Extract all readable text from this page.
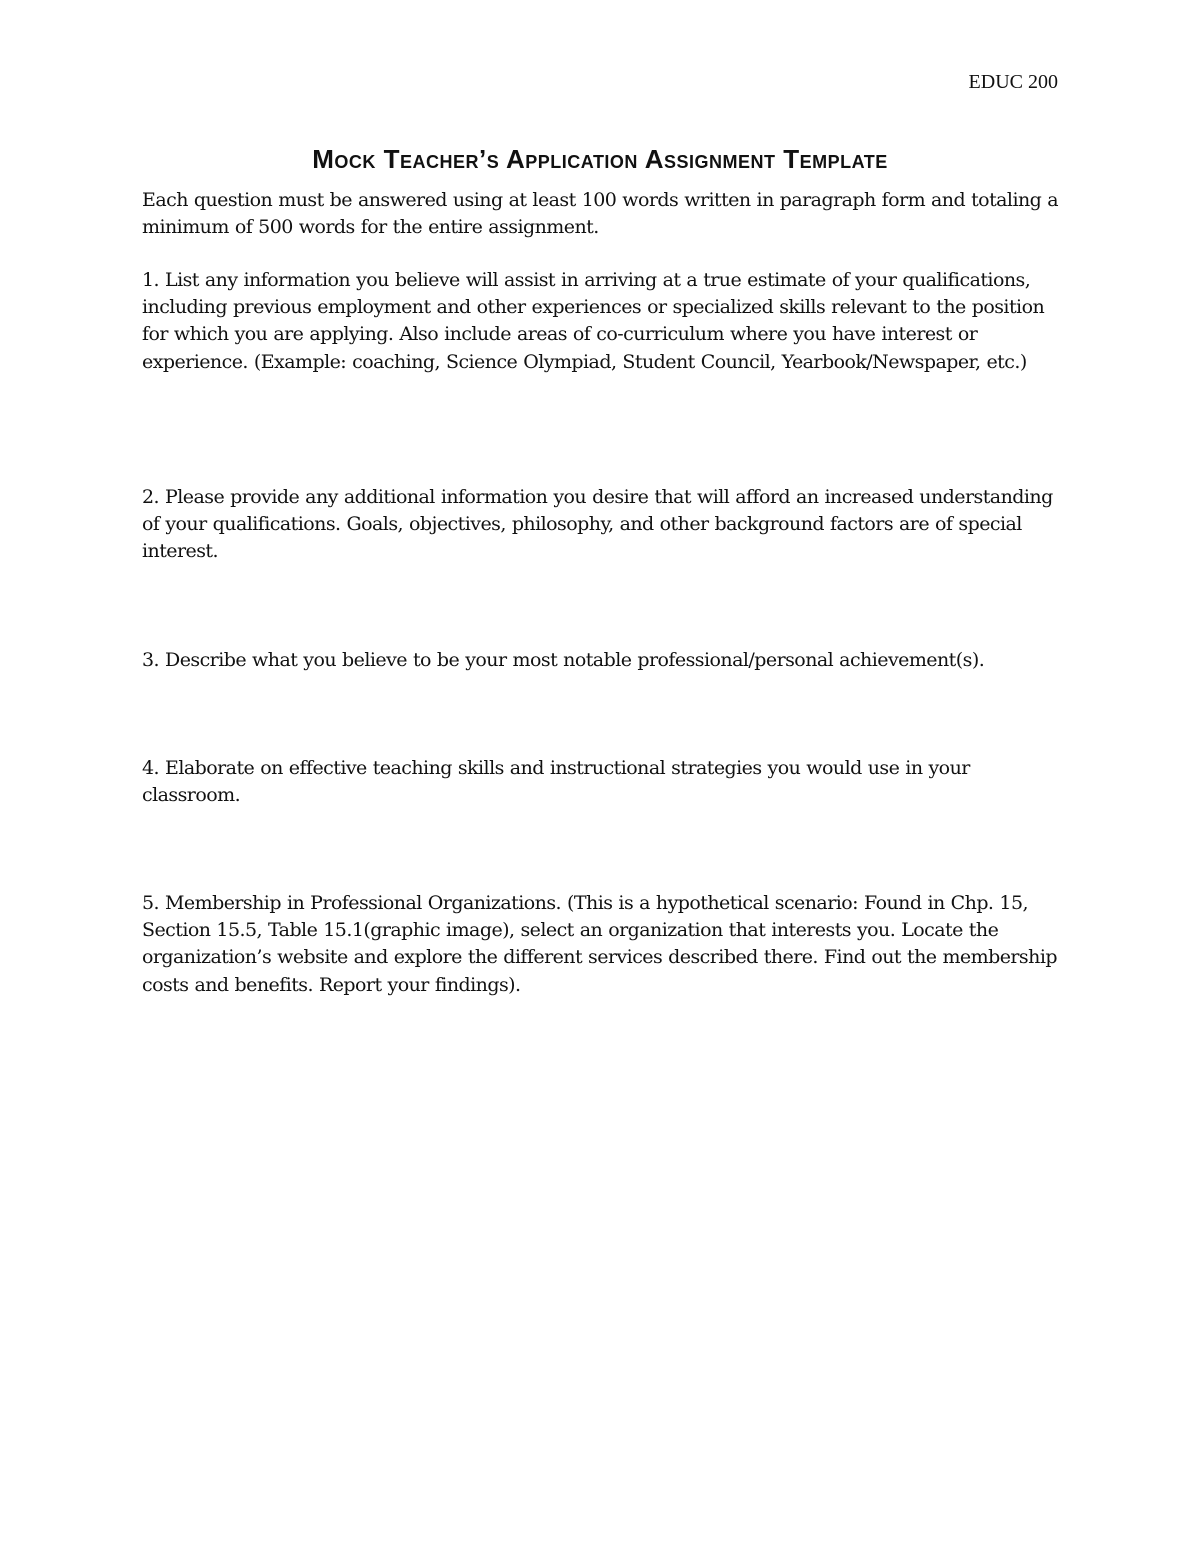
EDUC 200
Mock Teacher’s Application Assignment Template

Each question must be answered using at least 100 words written in paragraph form and totaling a minimum of 500 words for the entire assignment.

1. List any information you believe will assist in arriving at a true estimate of your qualifications, including previous employment and other experiences or specialized skills relevant to the position for which you are applying. Also include areas of co-curriculum where you have interest or experience. (Example: coaching, Science Olympiad, Student Council, Yearbook/Newspaper, etc.)

2. Please provide any additional information you desire that will afford an increased understanding of your qualifications. Goals, objectives, philosophy, and other background factors are of special interest.

3. Describe what you believe to be your most notable professional/personal achievement(s).

4. Elaborate on effective teaching skills and instructional strategies you would use in your classroom.

5. Membership in Professional Organizations. (This is a hypothetical scenario: Found in Chp. 15, Section 15.5, Table 15.1(graphic image), select an organization that interests you. Locate the organization’s website and explore the different services described there. Find out the membership costs and benefits. Report your findings).
